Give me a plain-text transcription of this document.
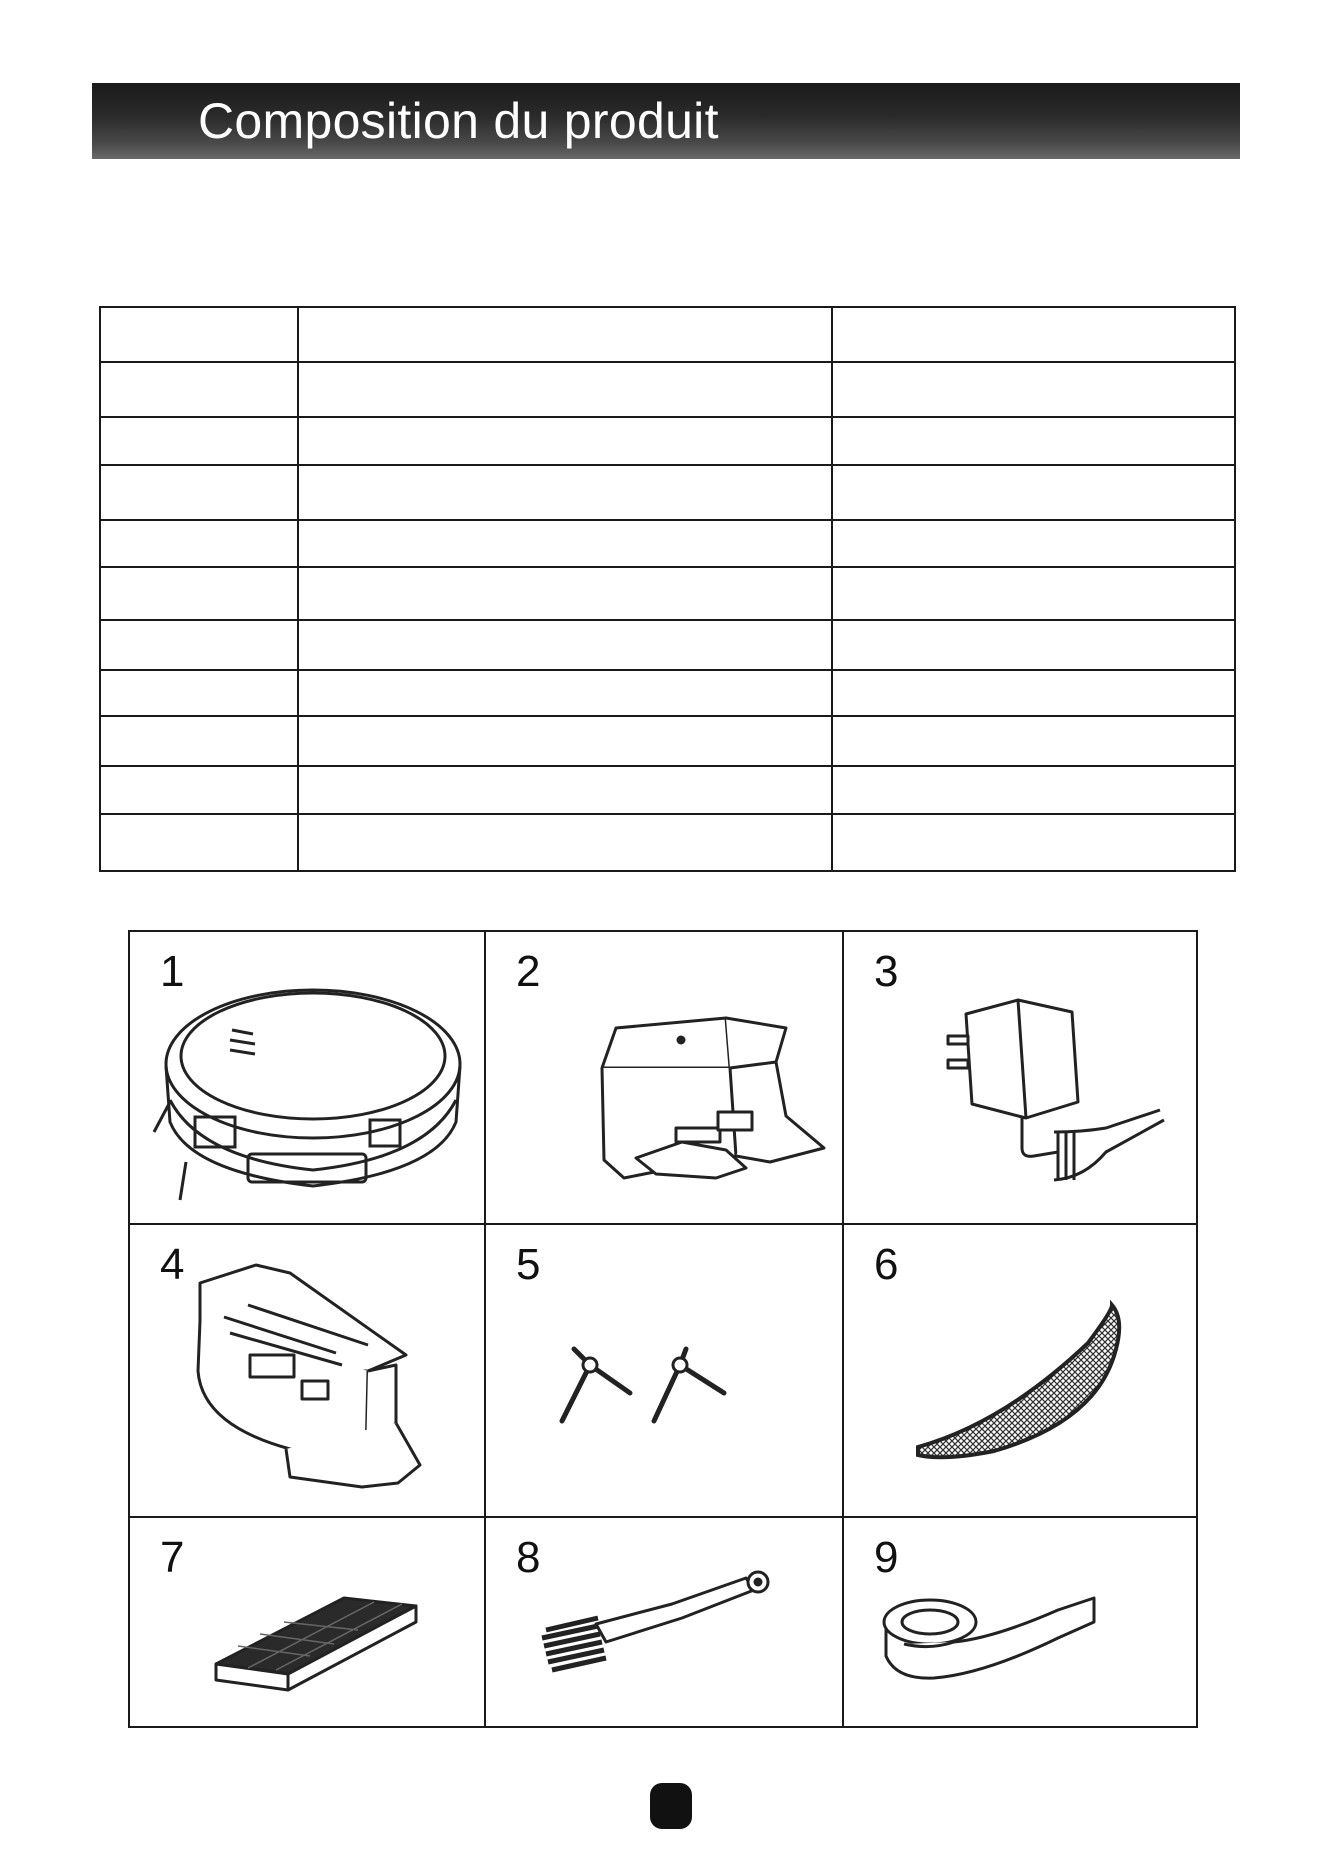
Composition du produit

1	2	3
4	5	6
7	8	9
